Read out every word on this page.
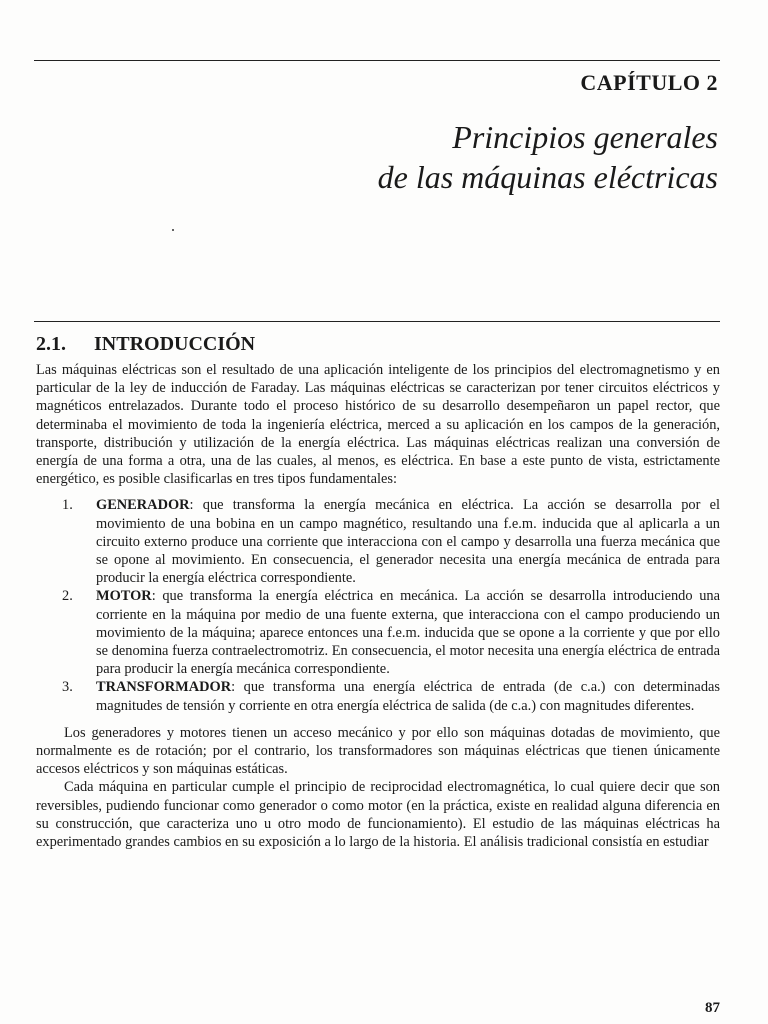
CAPÍTULO 2
Principios generales
de las máquinas eléctricas
2.1. INTRODUCCIÓN

Las máquinas eléctricas son el resultado de una aplicación inteligente de los principios del electromagnetismo y en particular de la ley de inducción de Faraday. Las máquinas eléctricas se caracterizan por tener circuitos eléctricos y magnéticos entrelazados. Durante todo el proceso histórico de su desarrollo desempeñaron un papel rector, que determinaba el movimiento de toda la ingeniería eléctrica, merced a su aplicación en los campos de la generación, transporte, distribución y utilización de la energía eléctrica. Las máquinas eléctricas realizan una conversión de energía de una forma a otra, una de las cuales, al menos, es eléctrica. En base a este punto de vista, estrictamente energético, es posible clasificarlas en tres tipos fundamentales:

1. GENERADOR: que transforma la energía mecánica en eléctrica. La acción se desarrolla por el movimiento de una bobina en un campo magnético, resultando una f.e.m. inducida que al aplicarla a un circuito externo produce una corriente que interacciona con el campo y desarrolla una fuerza mecánica que se opone al movimiento. En consecuencia, el generador necesita una energía mecánica de entrada para producir la energía eléctrica correspondiente.
2. MOTOR: que transforma la energía eléctrica en mecánica. La acción se desarrolla introduciendo una corriente en la máquina por medio de una fuente externa, que interacciona con el campo produciendo un movimiento de la máquina; aparece entonces una f.e.m. inducida que se opone a la corriente y que por ello se denomina fuerza contraelectromotriz. En consecuencia, el motor necesita una energía eléctrica de entrada para producir la energía mecánica correspondiente.
3. TRANSFORMADOR: que transforma una energía eléctrica de entrada (de c.a.) con determinadas magnitudes de tensión y corriente en otra energía eléctrica de salida (de c.a.) con magnitudes diferentes.

Los generadores y motores tienen un acceso mecánico y por ello son máquinas dotadas de movimiento, que normalmente es de rotación; por el contrario, los transformadores son máquinas eléctricas que tienen únicamente accesos eléctricos y son máquinas estáticas.

Cada máquina en particular cumple el principio de reciprocidad electromagnética, lo cual quiere decir que son reversibles, pudiendo funcionar como generador o como motor (en la práctica, existe en realidad alguna diferencia en su construcción, que caracteriza uno u otro modo de funcionamiento). El estudio de las máquinas eléctricas ha experimentado grandes cambios en su exposición a lo largo de la historia. El análisis tradicional consistía en estudiar

87
